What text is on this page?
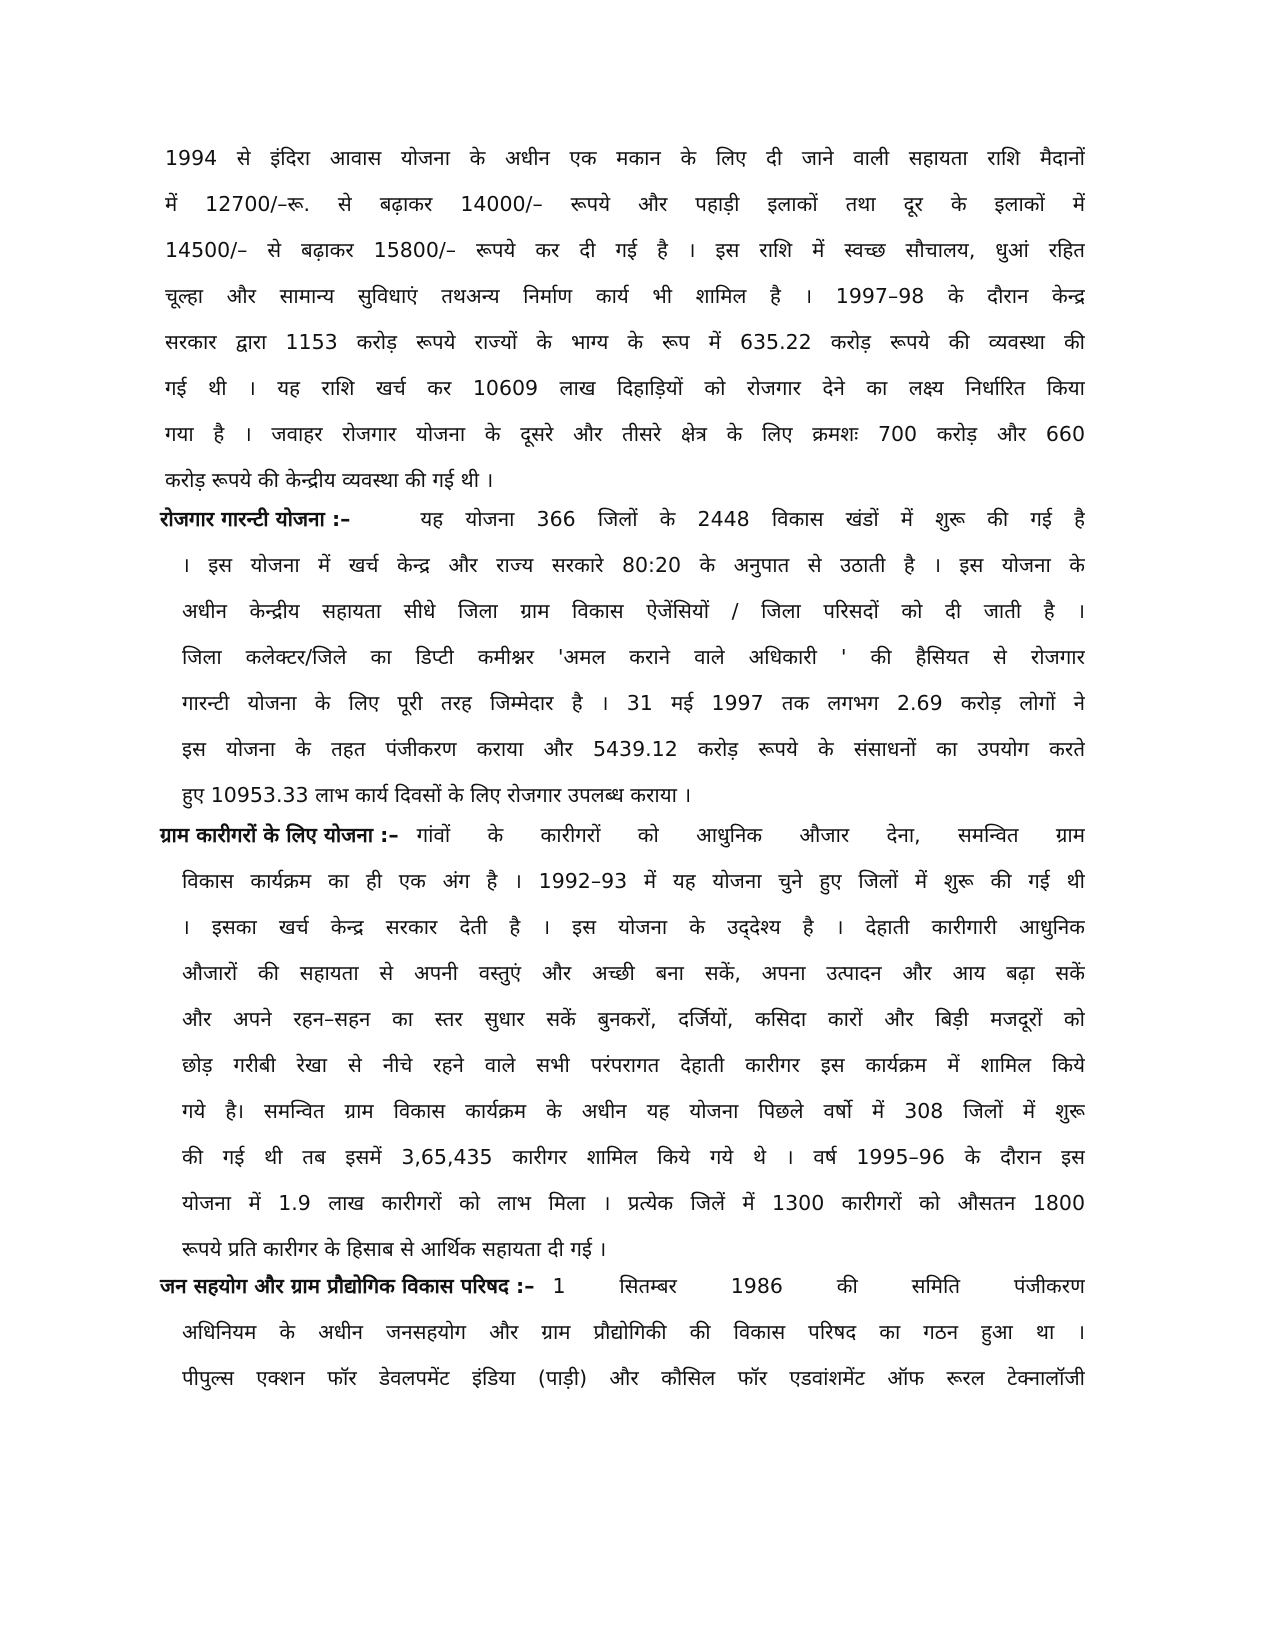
1994 से इंदिरा आवास योजना के अधीन एक मकान के लिए दी जाने वाली सहायता राशि मैदानों
में 12700/–रू. से बढ़ाकर 14000/– रूपये और पहाड़ी इलाकों तथा दूर के इलाकों में
14500/– से बढ़ाकर 15800/– रूपये कर दी गई है । इस राशि में स्वच्छ सौचालय, धुआं रहित
चूल्हा और सामान्य सुविधाएं तथअन्य निर्माण कार्य भी शामिल है । 1997–98 के दौरान केन्द्र
सरकार द्वारा 1153 करोड़ रूपये राज्यों के भाग्य के रूप में 635.22 करोड़ रूपये की व्यवस्था की
गई थी । यह राशि खर्च कर 10609 लाख दिहाड़ियों को रोजगार देने का लक्ष्य निर्धारित किया
गया है । जवाहर रोजगार योजना के दूसरे और तीसरे क्षेत्र के लिए क्रमशः 700 करोड़ और 660
करोड़ रूपये की केन्द्रीय व्यवस्था की गई थी ।
रोजगार गारन्टी योजना :–	यह योजना 366 जिलों के 2448 विकास खंडों में शुरू की गई है
। इस योजना में खर्च केन्द्र और राज्य सरकारे 80:20 के अनुपात से उठाती है । इस योजना के
अधीन केन्द्रीय सहायता सीधे जिला ग्राम विकास ऐजेंसियों / जिला परिसदों को दी जाती है ।
जिला कलेक्टर/जिले का डिप्टी कमीश्नर 'अमल कराने वाले अधिकारी ' की हैसियत से रोजगार
गारन्टी योजना के लिए पूरी तरह जिम्मेदार है । 31 मई 1997 तक लगभग 2.69 करोड़ लोगों ने
इस योजना के तहत पंजीकरण कराया और 5439.12 करोड़ रूपये के संसाधनों का उपयोग करते
हुए 10953.33 लाभ कार्य दिवसों के लिए रोजगार उपलब्ध कराया ।
ग्राम कारीगरों के लिए योजना :– गांवों के कारीगरों को आधुनिक औजार देना, समन्वित ग्राम
विकास कार्यक्रम का ही एक अंग है । 1992–93 में यह योजना चुने हुए जिलों में शुरू की गई थी
। इसका खर्च केन्द्र सरकार देती है । इस योजना के उद्‌देश्य है । देहाती कारीगारी आधुनिक
औजारों की सहायता से अपनी वस्तुएं और अच्छी बना सकें, अपना उत्पादन और आय बढ़ा सकें
और अपने रहन–सहन का स्तर सुधार सकें बुनकरों, दर्जियों, कसिदा कारों और बिड़ी मजदूरों को
छोड़ गरीबी रेखा से नीचे रहने वाले सभी परंपरागत देहाती कारीगर इस कार्यक्रम में शामिल किये
गये है। समन्वित ग्राम विकास कार्यक्रम के अधीन यह योजना पिछले वर्षो में 308 जिलों में शुरू
की गई थी तब इसमें 3,65,435 कारीगर शामिल किये गये थे । वर्ष 1995–96 के दौरान इस
योजना में 1.9 लाख कारीगरों को लाभ मिला । प्रत्येक जिलें में 1300 कारीगरों को औसतन 1800
रूपये प्रति कारीगर के हिसाब से आर्थिक सहायता दी गई ।
जन सहयोग और ग्राम प्रौद्योगिक विकास परिषद :– 1 सितम्बर 1986 की समिति पंजीकरण
अधिनियम के अधीन जनसहयोग और ग्राम प्रौद्योगिकी की विकास परिषद का गठन हुआ था ।
पीपुल्स एक्शन फॉर डेवलपमेंट इंडिया (पाड़ी) और कौसिल फॉर एडवांशमेंट ऑफ रूरल टेक्नालॉजी
